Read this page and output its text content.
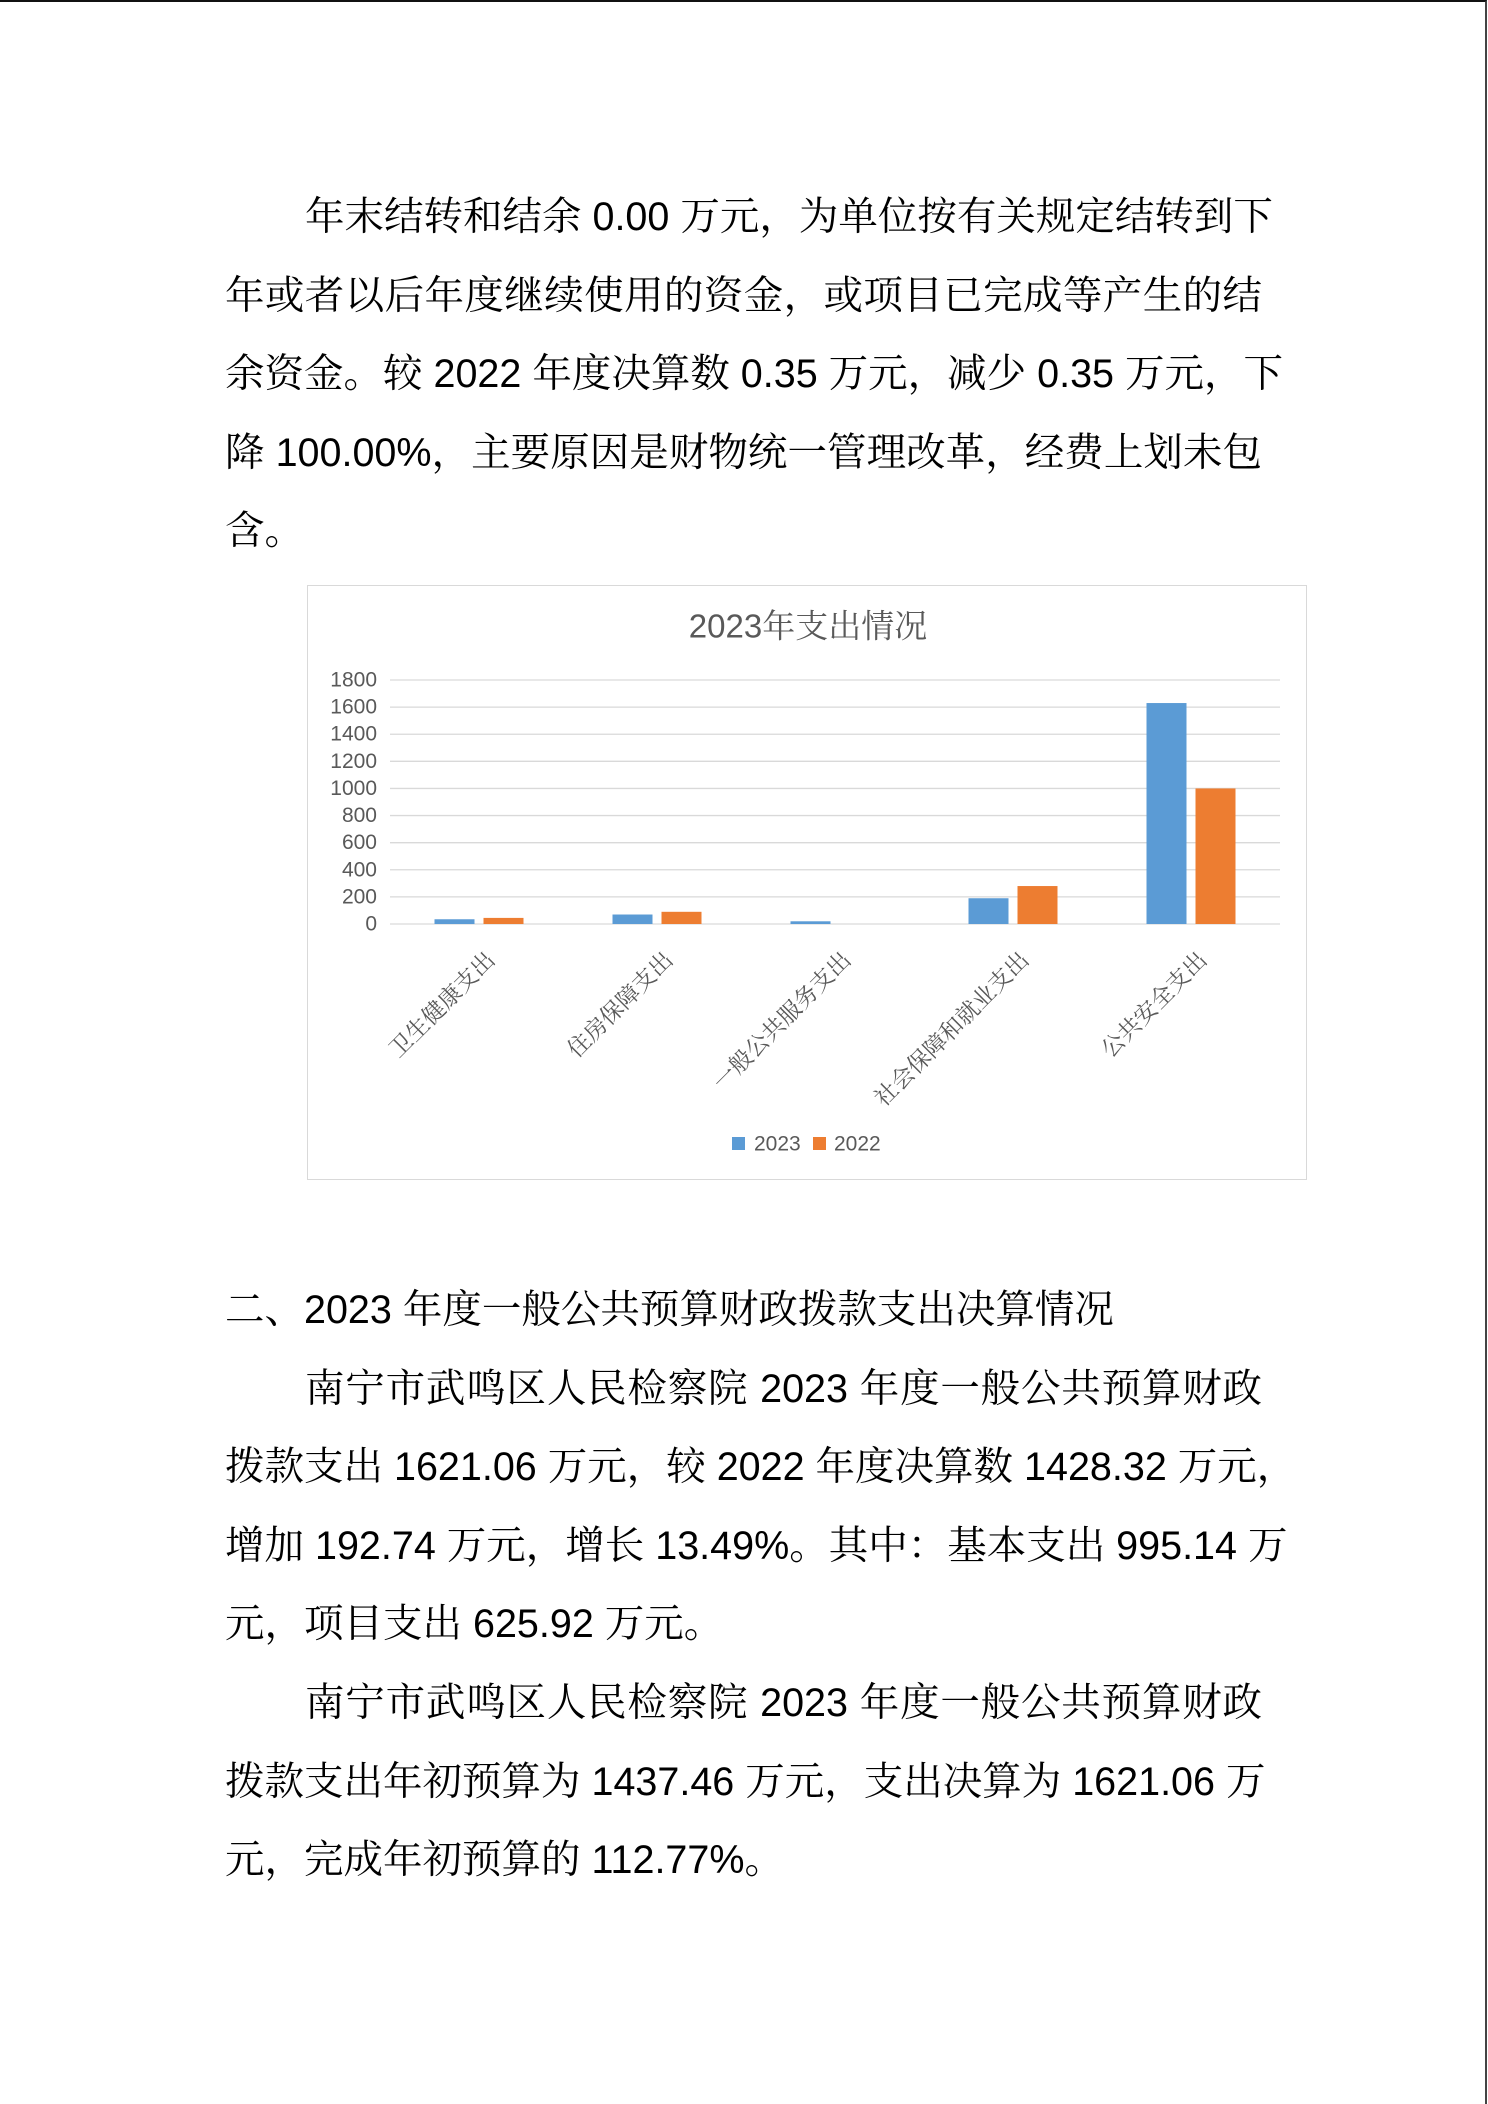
年末结转和结余 0.00 万元，为单位按有关规定结转到下
年或者以后年度继续使用的资金，或项目已完成等产生的结
余资金。较 2022 年度决算数 0.35 万元，减少 0.35 万元，下
降 100.00%，主要原因是财物统一管理改革，经费上划未包
含。
2023年支出情况
0
200
400
600
800
1000
1200
1400
1600
1800
卫生健康支出	住房保障支出 一般公共服务支出 社会保障和就业支出	公共安全支出
2023 2022
二、2023 年度一般公共预算财政拨款支出决算情况
南宁市武鸣区人民检察院 2023 年度一般公共预算财政
拨款支出 1621.06 万元，较 2022 年度决算数 1428.32 万元，
增加 192.74 万元，增长 13.49%。其中：基本支出 995.14 万
元，项目支出 625.92 万元。
南宁市武鸣区人民检察院 2023 年度一般公共预算财政
拨款支出年初预算为 1437.46 万元，支出决算为 1621.06 万
元，完成年初预算的 112.77%。
